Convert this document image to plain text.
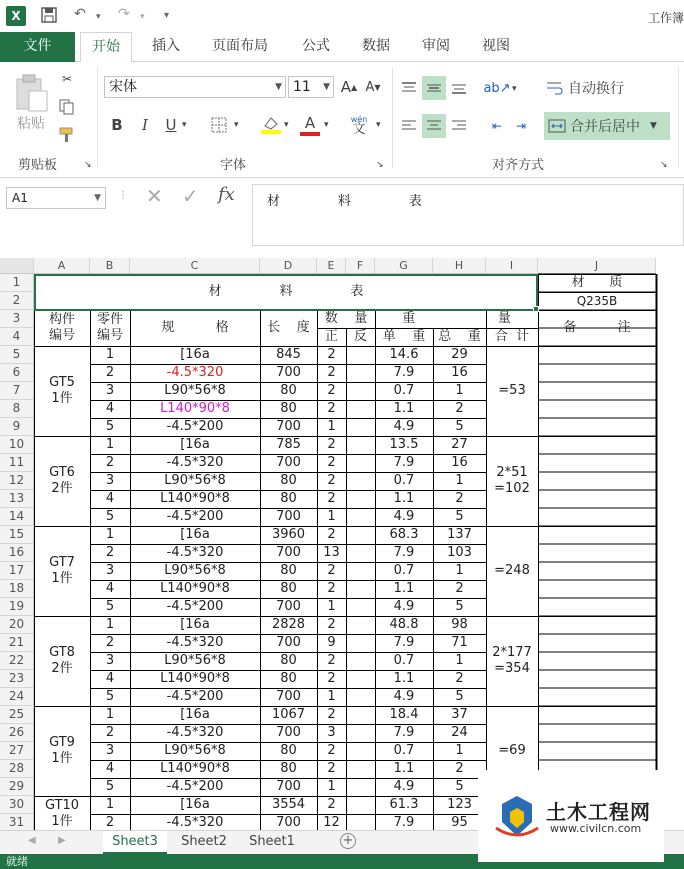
X	↶ ▾ ↷ ▾ ▾	工作簿
文件	开始	插入 页面布局 公式 数据 审阅 视图
粘贴
✂
剪贴板	↘
宋体	▼ 11 ▼ A ▲ A ▼
B	I	U ▾	▾	▾ A ▾
wén
文 ▾
字体	↘
ab↗ ▾
⇤	⇥
自动换行
合并后居中 ▼
对齐方式	↘
A1	▼ ⋮ ✕ ✓ fx	材              料              表
A	B	C	D	E	F	G	H	I	J
1
2
3
4
5
6
7
8
9
10
11
12
13
14
15
16
17
18
19
20
21
22
23
24
25
26
27
28
29
30
31
材              料              表
材      质
Q235B
构件
编号
零件
编号
规          格	长    度
数    量
正	反
重                    量
单    重 总    重	合  计
备          注
1	[16a	845	2	14.6	29
2	-4.5*320	700	2	7.9	16
3	L90*56*8	80	2	0.7	1
4	L140*90*8	80	2	1.1	2
5	-4.5*200	700	1	4.9	5
GT5
1件
=53
1	[16a	785	2	13.5	27
2	-4.5*320	700	2	7.9	16
3	L90*56*8	80	2	0.7	1
4	L140*90*8	80	2	1.1	2
5	-4.5*200	700	1	4.9	5
GT6
2件
2*51
=102
1	[16a	3960	2	68.3	137
2	-4.5*320	700	13	7.9	103
3	L90*56*8	80	2	0.7	1
4	L140*90*8	80	2	1.1	2
5	-4.5*200	700	1	4.9	5
GT7
1件
=248
1	[16a	2828	2	48.8	98
2	-4.5*320	700	9	7.9	71
3	L90*56*8	80	2	0.7	1
4	L140*90*8	80	2	1.1	2
5	-4.5*200	700	1	4.9	5
GT8
2件
2*177
=354
1	[16a	1067	2	18.4	37
2	-4.5*320	700	3	7.9	24
3	L90*56*8	80	2	0.7	1
4	L140*90*8	80	2	1.1	2
5	-4.5*200	700	1	4.9	5
GT9
1件
=69
1	[16a	3554	2	61.3	123
2	-4.5*320	700	12	7.9	95
GT10
1件
◀ ▶	Sheet3	Sheet2	Sheet1	+
就绪
土木工程网
www.civilcn.com
